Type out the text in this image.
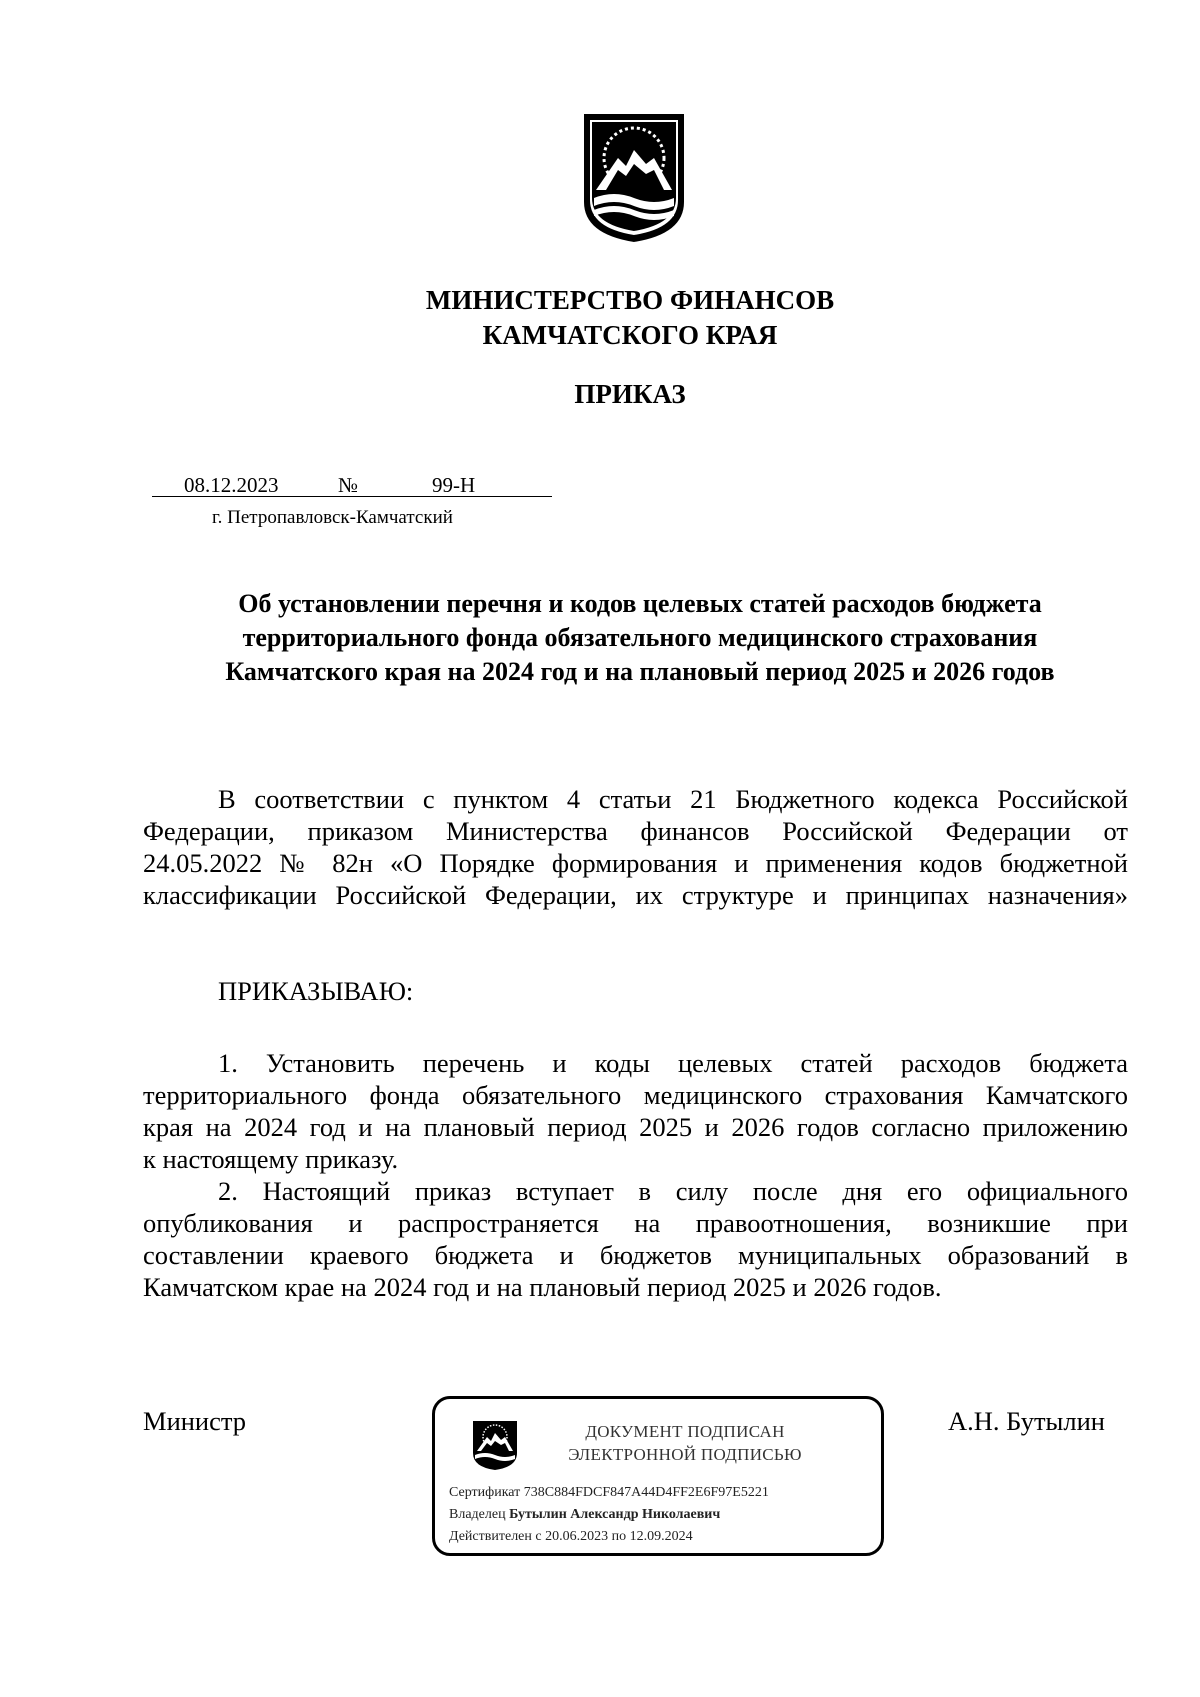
МИНИСТЕРСТВО ФИНАНСОВ
КАМЧАТСКОГО КРАЯ
ПРИКАЗ
08.12.2023	№	99-Н
г. Петропавловск-Камчатский
Об установлении перечня и кодов целевых статей расходов бюджета
территориального фонда обязательного медицинского страхования
Камчатского края на 2024 год и на плановый период 2025 и 2026 годов
В соответствии с пунктом 4 статьи 21 Бюджетного кодекса Российской
Федерации, приказом Министерства финансов Российской Федерации от
24.05.2022 № 82н «О Порядке формирования и применения кодов бюджетной
классификации Российской Федерации, их структуре и принципах назначения»
ПРИКАЗЫВАЮ:
1. Установить перечень и коды целевых статей расходов бюджета
территориального фонда обязательного медицинского страхования Камчатского
края на 2024 год и на плановый период 2025 и 2026 годов согласно приложению
к настоящему приказу.
2. Настоящий приказ вступает в силу после дня его официального
опубликования и распространяется на правоотношения, возникшие при
составлении краевого бюджета и бюджетов муниципальных образований в
Камчатском крае на 2024 год и на плановый период 2025 и 2026 годов.
Министр	А.Н. Бутылин
ДОКУМЕНТ ПОДПИСАН
ЭЛЕКТРОННОЙ ПОДПИСЬЮ
Сертификат 738C884FDCF847A44D4FF2E6F97E5221
Владелец Бутылин Александр Николаевич
Действителен с 20.06.2023 по 12.09.2024
